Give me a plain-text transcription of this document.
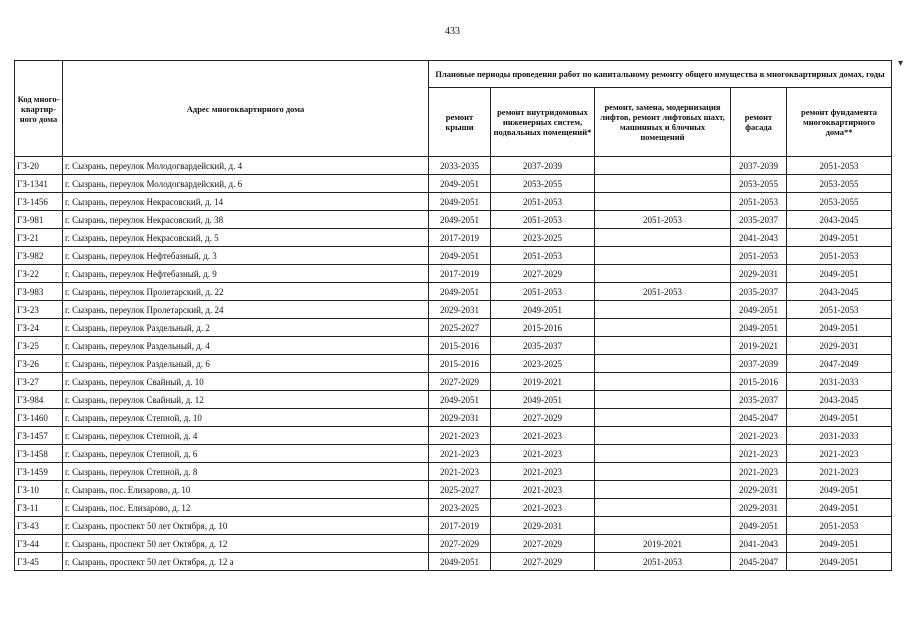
433
▾
Код много-квартир-ного дома	Адрес многоквартирного дома	Плановые периоды проведения работ по капитальному ремонту общего имущества в многоквартирных домах, годы				
		ремонт крыши	ремонт внутридомовых инженерных систем, подвальных помещений*	ремонт, замена, модернизация лифтов, ремонт лифтовых шахт, машинных и блочных помещений	ремонт фасада	ремонт фундамента многоквартирного дома**
ГЗ-20	г. Сызрань, переулок Молодогвардейский, д. 4	2033-2035	2037-2039		2037-2039	2051-2053
ГЗ-1341	г. Сызрань, переулок Молодогвардейский, д. 6	2049-2051	2053-2055		2053-2055	2053-2055
ГЗ-1456	г. Сызрань, переулок Некрасовский, д. 14	2049-2051	2051-2053		2051-2053	2053-2055
ГЗ-981	г. Сызрань, переулок Некрасовский, д. 38	2049-2051	2051-2053	2051-2053	2035-2037	2043-2045
ГЗ-21	г. Сызрань, переулок Некрасовский, д. 5	2017-2019	2023-2025		2041-2043	2049-2051
ГЗ-982	г. Сызрань, переулок Нефтебазный, д. 3	2049-2051	2051-2053		2051-2053	2051-2053
ГЗ-22	г. Сызрань, переулок Нефтебазный, д. 9	2017-2019	2027-2029		2029-2031	2049-2051
ГЗ-983	г. Сызрань, переулок Пролетарский, д. 22	2049-2051	2051-2053	2051-2053	2035-2037	2043-2045
ГЗ-23	г. Сызрань, переулок Пролетарский, д. 24	2029-2031	2049-2051		2049-2051	2051-2053
ГЗ-24	г. Сызрань, переулок Раздельный, д. 2	2025-2027	2015-2016		2049-2051	2049-2051
ГЗ-25	г. Сызрань, переулок Раздельный, д. 4	2015-2016	2035-2037		2019-2021	2029-2031
ГЗ-26	г. Сызрань, переулок Раздельный, д. 6	2015-2016	2023-2025		2037-2039	2047-2049
ГЗ-27	г. Сызрань, переулок Свайный, д. 10	2027-2029	2019-2021		2015-2016	2031-2033
ГЗ-984	г. Сызрань, переулок Свайный, д. 12	2049-2051	2049-2051		2035-2037	2043-2045
ГЗ-1460	г. Сызрань, переулок Степной, д. 10	2029-2031	2027-2029		2045-2047	2049-2051
ГЗ-1457	г. Сызрань, переулок Степной, д. 4	2021-2023	2021-2023		2021-2023	2031-2033
ГЗ-1458	г. Сызрань, переулок Степной, д. 6	2021-2023	2021-2023		2021-2023	2021-2023
ГЗ-1459	г. Сызрань, переулок Степной, д. 8	2021-2023	2021-2023		2021-2023	2021-2023
ГЗ-10	г. Сызрань, пос. Елизарово, д. 10	2025-2027	2021-2023		2029-2031	2049-2051
ГЗ-11	г. Сызрань, пос. Елизарово, д. 12	2023-2025	2021-2023		2029-2031	2049-2051
ГЗ-43	г. Сызрань, проспект 50 лет Октября, д. 10	2017-2019	2029-2031		2049-2051	2051-2053
ГЗ-44	г. Сызрань, проспект 50 лет Октября, д. 12	2027-2029	2027-2029	2019-2021	2041-2043	2049-2051
ГЗ-45	г. Сызрань, проспект 50 лет Октября, д. 12 а	2049-2051	2027-2029	2051-2053	2045-2047	2049-2051
